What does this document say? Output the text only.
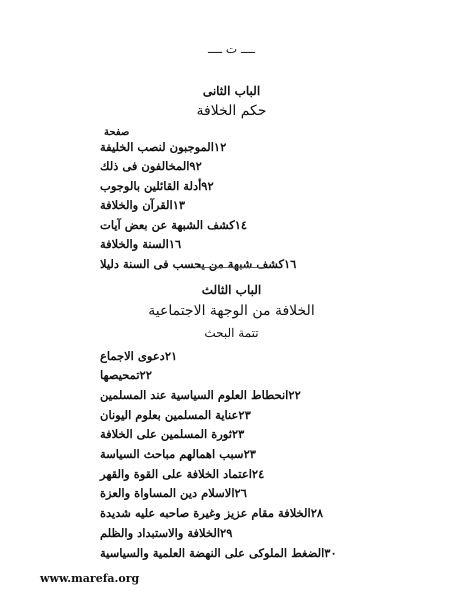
ــــ ت ــــ
الباب الثانى
حكم الخلافة
صفحة
الموجبون لنصب الخليفة ١٢
المخالفون فى ذلك ٩٢
أدلة القائلين بالوجوب ٩٢
القرآن والخلافة ١٣
كشف الشبهة عن بعض آيات ١٤
السنة والخلافة ١٦
كشف شبهة من يحسب فى السنة دليلا ١٦
الباب الثالث
الخلافة من الوجهة الاجتماعية
تتمة البحث
دعوى الاجماع ٢١
تمحيصها ٢٢
انحطاط العلوم السياسية عند المسلمين ٢٢
عناية المسلمين بعلوم اليونان ٢٣
ثورة المسلمين على الخلافة ٢٣
سبب اهمالهم مباحث السياسة ٢٣
اعتماد الخلافة على القوة والقهر ٢٤
الاسلام دين المساواة والعزة ٢٦
الخلافة مقام عزيز وغيرة صاحبه عليه شديدة ٢٨
الخلافة والاستبداد والظلم ٢٩
الضغط الملوكى على النهضة العلمية والسياسية ٣٠
www.marefa.org
